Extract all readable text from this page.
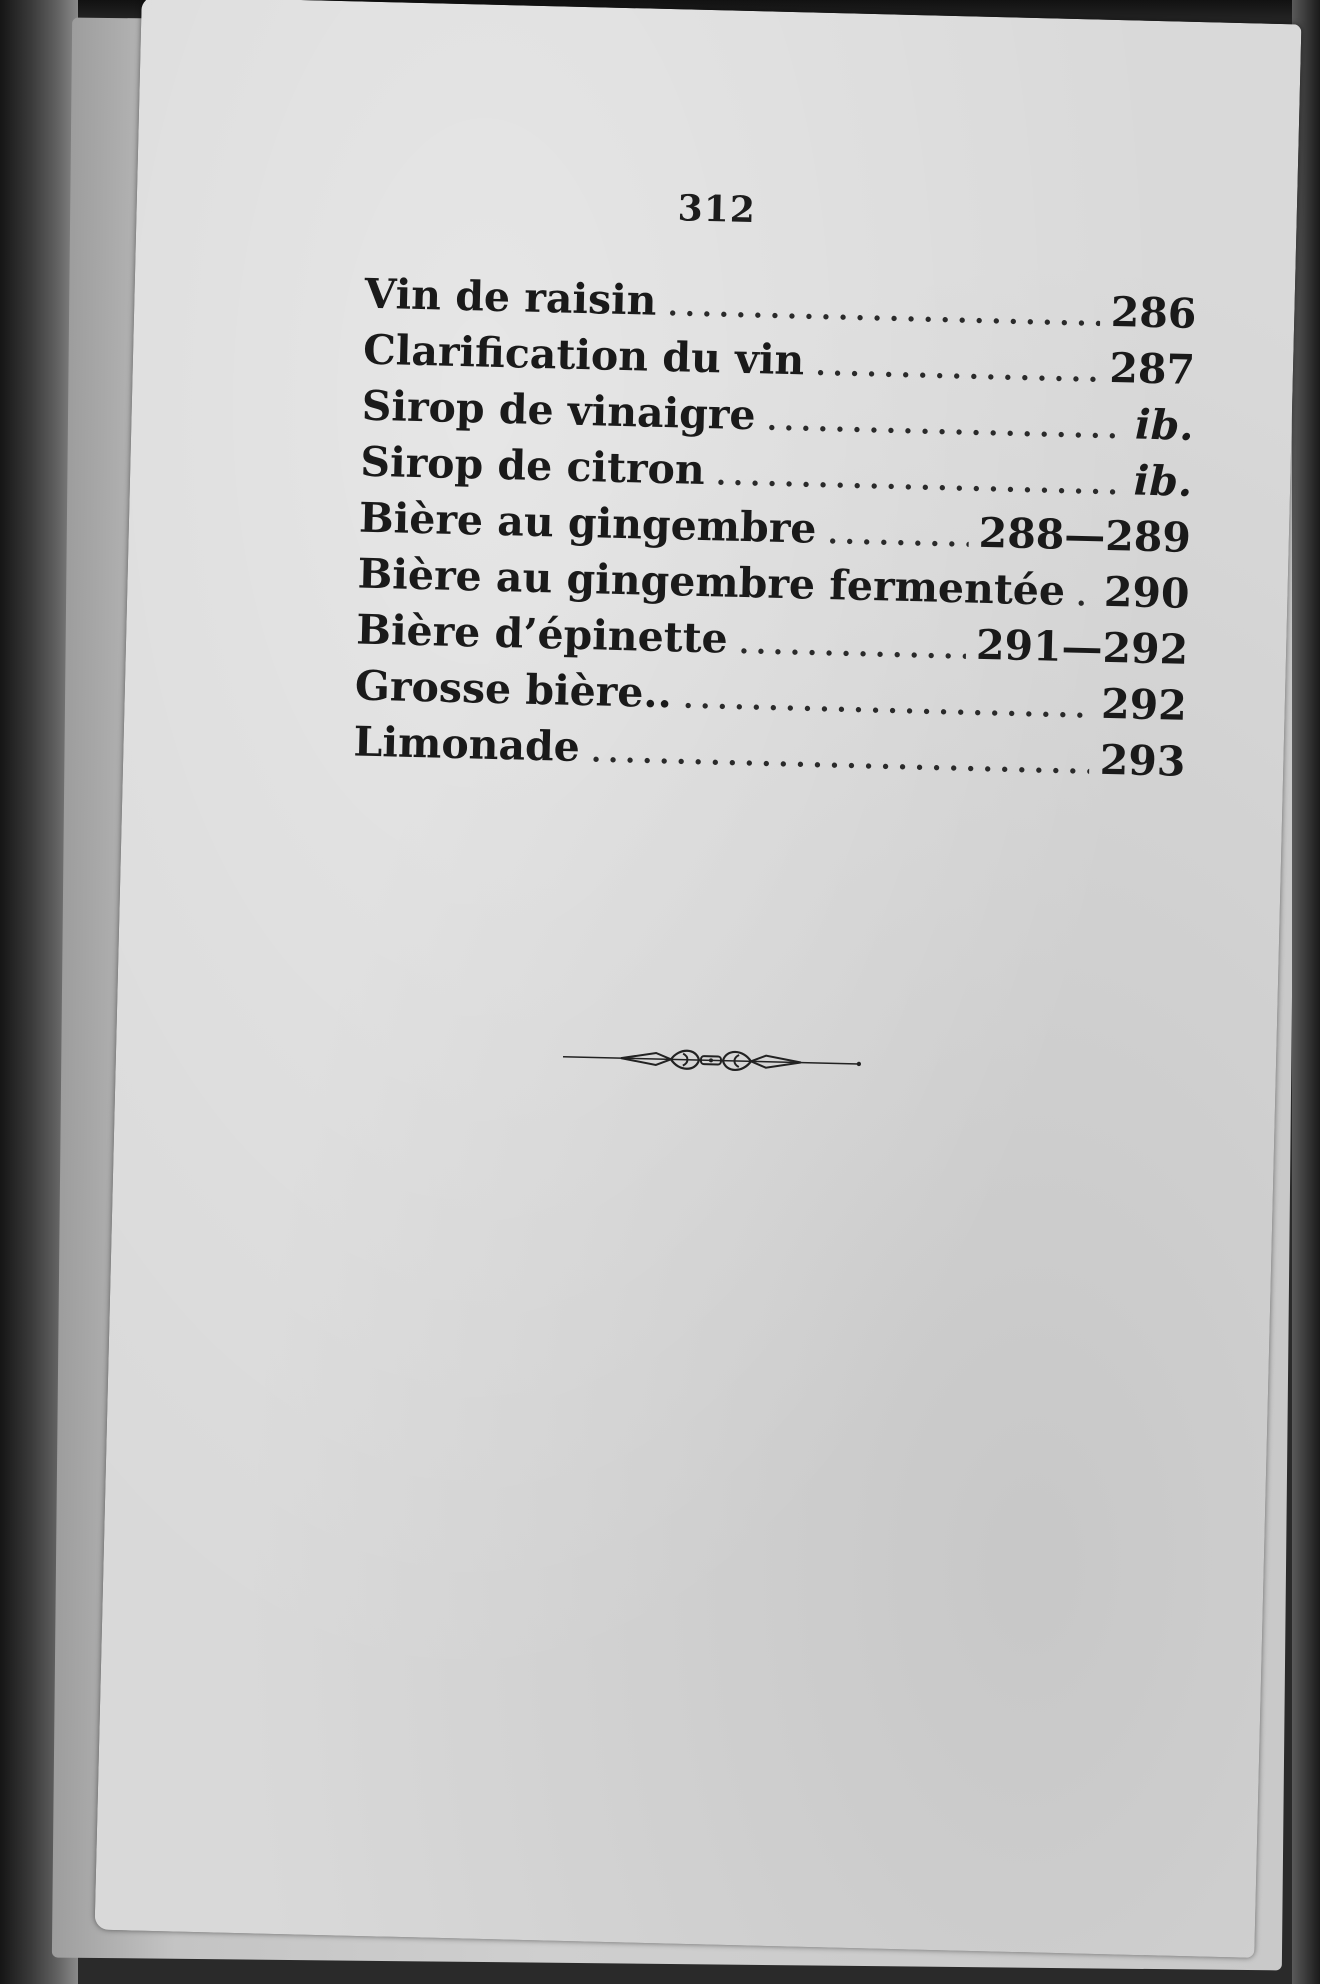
312
Vin de raisin .....	286
Clarification du vin .....	287
Sirop de vinaigre .....	ib.
Sirop de citron .....	ib.
Bière au gingembre .....	288—289
Bière au gingembre fermentée ..... 290
Bière d’épinette .....	291—292
Grosse bière.. .....	292
Limonade .....	293
